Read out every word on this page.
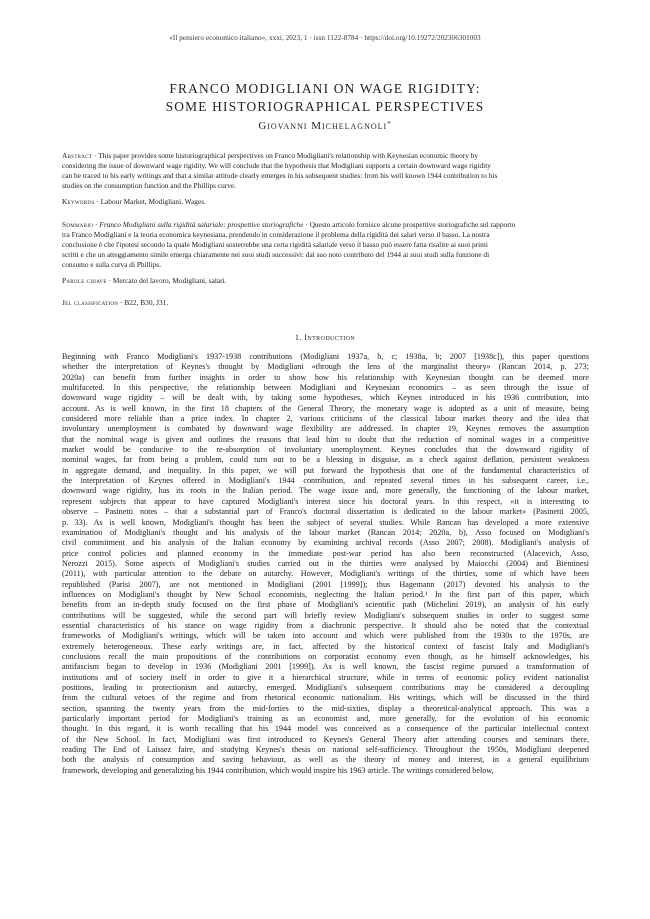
«Il pensiero economico italiano», xxxi, 2023, 1 · issn 1122-8784 · https://doi.org/10.19272/202306301003
FRANCO MODIGLIANI ON WAGE RIGIDITY:
SOME HISTORIOGRAPHICAL PERSPECTIVES
Giovanni Michelagnoli*
Abstract · This paper provides some historiographical perspectives on Franco Modigliani's relationship with Keynesian economic theory by
considering the issue of downward wage rigidity. We will conclude that the hypothesis that Modigliani supports a certain downward wage rigidity
can be traced to his early writings and that a similar attitude clearly emerges in his subsequent studies: from his well known 1944 contribution to his
studies on the consumption function and the Phillips curve.
Keywords · Labour Market, Modigliani, Wages.
Sommario · Franco Modigliani sulla rigidità salariale: prospettive storiografiche · Questo articolo fornisce alcune prospettive storiografiche sul rapporto
tra Franco Modigliani e la teoria economica keynesiana, prendendo in considerazione il problema della rigidità dei salari verso il basso. La nostra
conclusione è che l'ipotesi secondo la quale Modigliani sosterrebbe una certa rigidità salariale verso il basso può essere fatta risalire ai suoi primi
scritti e che un atteggiamento simile emerga chiaramente nei suoi studi successivi: dal suo noto contributo del 1944 ai suoi studi sulla funzione di
consumo e sulla curva di Phillips.
Parole chiave · Mercato del lavoro, Modigliani, salari.
Jel classification · B22, B30, J31.
1. Introduction
Beginning with Franco Modigliani's 1937-1938 contributions (Modigliani 1937a, b, c; 1938a, b; 2007 [1938c]), this paper questions
whether the interpretation of Keynes's thought by Modigliani «through the lens of the marginalist theory» (Rancan 2014, p. 273;
2020a) can benefit from further insights in order to show how his relationship with Keynesian thought can be deemed more
multifaceted. In this perspective, the relationship between Modigliani and Keynesian economics – as seen through the issue of
downward wage rigidity – will be dealt with, by taking some hypotheses, which Keynes introduced in his 1936 contribution, into
account. As is well known, in the first 18 chapters of the General Theory, the monetary wage is adopted as a unit of measure, being
considered more reliable than a price index. In chapter 2, various criticisms of the classical labour market theory and the idea that
involuntary unemployment is combated by downward wage flexibility are addressed. In chapter 19, Keynes removes the assumption
that the nominal wage is given and outlines the reasons that lead him to doubt that the reduction of nominal wages in a competitive
market would be conducive to the re-absorption of involuntary unemployment. Keynes concludes that the downward rigidity of
nominal wages, far from being a problem, could turn out to be a blessing in disguise, as a check against deflation, persistent weakness
in aggregate demand, and inequality. In this paper, we will put forward the hypothesis that one of the fundamental characteristics of
the interpretation of Keynes offered in Modigliani's 1944 contribution, and repeated several times in his subsequent career, i.e.,
downward wage rigidity, has its roots in the Italian period. The wage issue and, more generally, the functioning of the labour market,
represent subjects that appear to have captured Modigliani's interest since his doctoral years. In this respect, «it is interesting to
observe – Pasinetti notes – that a substantial part of Franco's doctoral dissertation is dedicated to the labour market» (Pasinetti 2005,
p. 33). As is well known, Modigliani's thought has been the subject of several studies. While Rancan has developed a more extensive
examination of Modigliani's thought and his analysis of the labour market (Rancan 2014; 2020a, b), Asso focused on Modigliani's
civil commitment and his analysis of the Italian economy by examining archival records (Asso 2007; 2008). Modigliani's analysis of
price control policies and planned economy in the immediate post-war period has also been reconstructed (Alacevich, Asso,
Nerozzi 2015). Some aspects of Modigliani's studies carried out in the thirties were analysed by Maiocchi (2004) and Bientinesi
(2011), with particular attention to the debate on autarchy. However, Modigliani's writings of the thirties, some of which have been
republished (Parisi 2007), are not mentioned in Modigliani (2001 [1999]); thus Hagemann (2017) devoted his analysis to the
influences on Modigliani's thought by New School economists, neglecting the Italian period.¹ In the first part of this paper, which
benefits from an in-depth study focused on the first phase of Modigliani's scientific path (Michelini 2019), an analysis of his early
contributions will be suggested, while the second part will briefly review Modigliani's subsequent studies in order to suggest some
essential characteristics of his stance on wage rigidity from a diachronic perspective. It should also be noted that the contextual
frameworks of Modigliani's writings, which will be taken into account and which were published from the 1930s to the 1970s, are
extremely heterogeneous. These early writings are, in fact, affected by the historical context of fascist Italy and Modigliani's
conclusions recall the main propositions of the contributions on corporatist economy even though, as he himself acknowledges, his
antifascism began to develop in 1936 (Modigliani 2001 [1999]). As is well known, the fascist regime pursued a transformation of
institutions and of society itself in order to give it a hierarchical structure, while in terms of economic policy evident nationalist
positions, leading to protectionism and autarchy, emerged. Modigliani's subsequent contributions may be considered a decoupling
from the cultural vetoes of the regime and from rhetorical economic nationalism. His writings, which will be discussed in the third
section, spanning the twenty years from the mid-forties to the mid-sixties, display a theoretical-analytical approach. This was a
particularly important period for Modigliani's training as an economist and, more generally, for the evolution of his economic
thought. In this regard, it is worth recalling that his 1944 model was conceived as a consequence of the particular intellectual context
of the New School. In fact, Modigliani was first introduced to Keynes's General Theory after attending courses and seminars there,
reading The End of Laissez faire, and studying Keynes's thesis on national self-sufficiency. Throughout the 1950s, Modigliani deepened
both the analysis of consumption and saving behaviour, as well as the theory of money and interest, in a general equilibrium
framework, developing and generalizing his 1944 contribution, which would inspire his 1963 article. The writings considered below,
